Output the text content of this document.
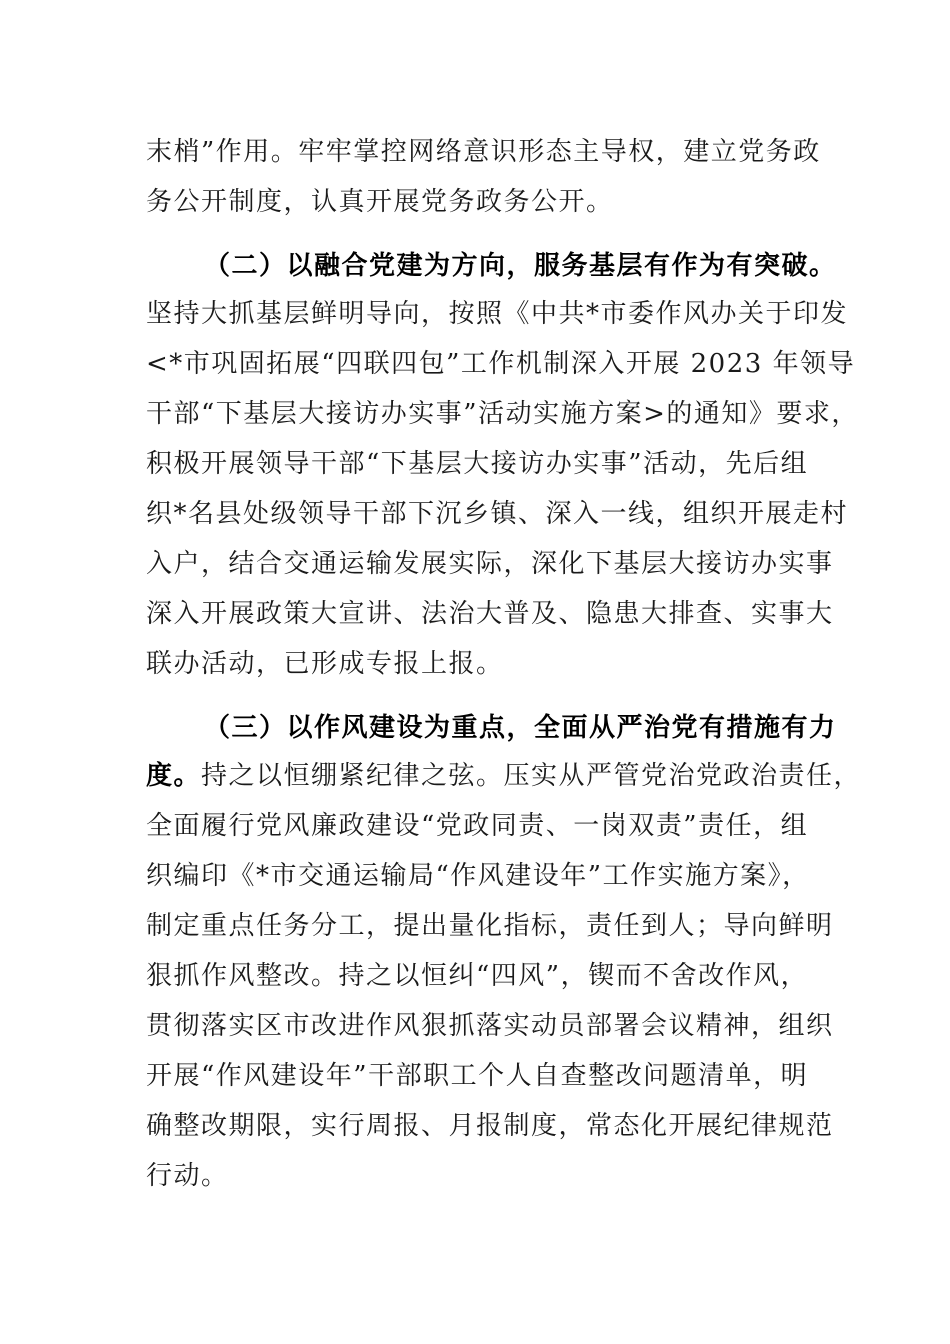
末梢”作用。牢牢掌控网络意识形态主导权，建立党务政
务公开制度，认真开展党务政务公开。
（二）以融合党建为方向，服务基层有作为有突破。
坚持大抓基层鲜明导向，按照《中共*市委作风办关于印发
<*市巩固拓展“四联四包”工作机制深入开展 2023 年领导
干部“下基层大接访办实事”活动实施方案>的通知》要求，
积极开展领导干部“下基层大接访办实事”活动，先后组
织*名县处级领导干部下沉乡镇、深入一线，组织开展走村
入户，结合交通运输发展实际，深化下基层大接访办实事
深入开展政策大宣讲、法治大普及、隐患大排查、实事大
联办活动，已形成专报上报。
（三）以作风建设为重点，全面从严治党有措施有力
度。持之以恒绷紧纪律之弦。压实从严管党治党政治责任，
全面履行党风廉政建设“党政同责、一岗双责”责任，组
织编印《*市交通运输局“作风建设年”工作实施方案》，
制定重点任务分工，提出量化指标，责任到人；导向鲜明
狠抓作风整改。持之以恒纠“四风”，锲而不舍改作风，
贯彻落实区市改进作风狠抓落实动员部署会议精神，组织
开展“作风建设年”干部职工个人自查整改问题清单，明
确整改期限，实行周报、月报制度，常态化开展纪律规范
行动。
